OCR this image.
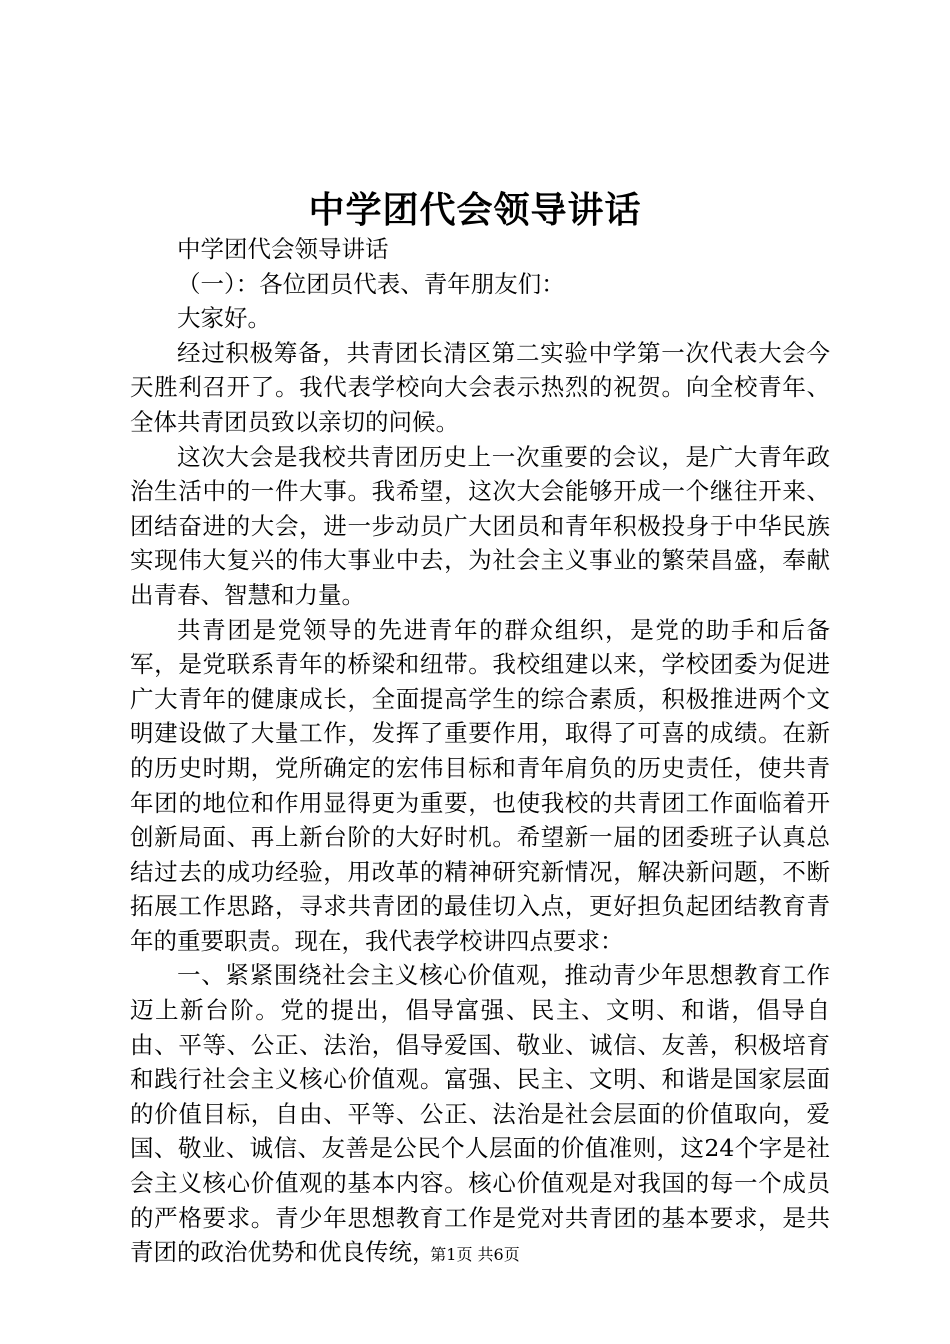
中学团代会领导讲话

中学团代会领导讲话

（一）：各位团员代表、青年朋友们：

大家好。

经过积极筹备，共青团长清区第二实验中学第一次代表大会今天胜利召开了。我代表学校向大会表示热烈的祝贺。向全校青年、全体共青团员致以亲切的问候。

这次大会是我校共青团历史上一次重要的会议，是广大青年政治生活中的一件大事。我希望，这次大会能够开成一个继往开来、团结奋进的大会，进一步动员广大团员和青年积极投身于中华民族实现伟大复兴的伟大事业中去，为社会主义事业的繁荣昌盛，奉献出青春、智慧和力量。

共青团是党领导的先进青年的群众组织，是党的助手和后备军，是党联系青年的桥梁和纽带。我校组建以来，学校团委为促进广大青年的健康成长，全面提高学生的综合素质，积极推进两个文明建设做了大量工作，发挥了重要作用，取得了可喜的成绩。在新的历史时期，党所确定的宏伟目标和青年肩负的历史责任，使共青年团的地位和作用显得更为重要，也使我校的共青团工作面临着开创新局面、再上新台阶的大好时机。希望新一届的团委班子认真总结过去的成功经验，用改革的精神研究新情况，解决新问题，不断拓展工作思路，寻求共青团的最佳切入点，更好担负起团结教育青年的重要职责。现在，我代表学校讲四点要求：

一、紧紧围绕社会主义核心价值观，推动青少年思想教育工作迈上新台阶。党的提出，倡导富强、民主、文明、和谐，倡导自由、平等、公正、法治，倡导爱国、敬业、诚信、友善，积极培育和践行社会主义核心价值观。富强、民主、文明、和谐是国家层面的价值目标，自由、平等、公正、法治是社会层面的价值取向，爱国、敬业、诚信、友善是公民个人层面的价值准则，这24个字是社会主义核心价值观的基本内容。核心价值观是对我国的每一个成员的严格要求。青少年思想教育工作是党对共青团的基本要求，是共青团的政治优势和优良传统，

第1页 共6页
